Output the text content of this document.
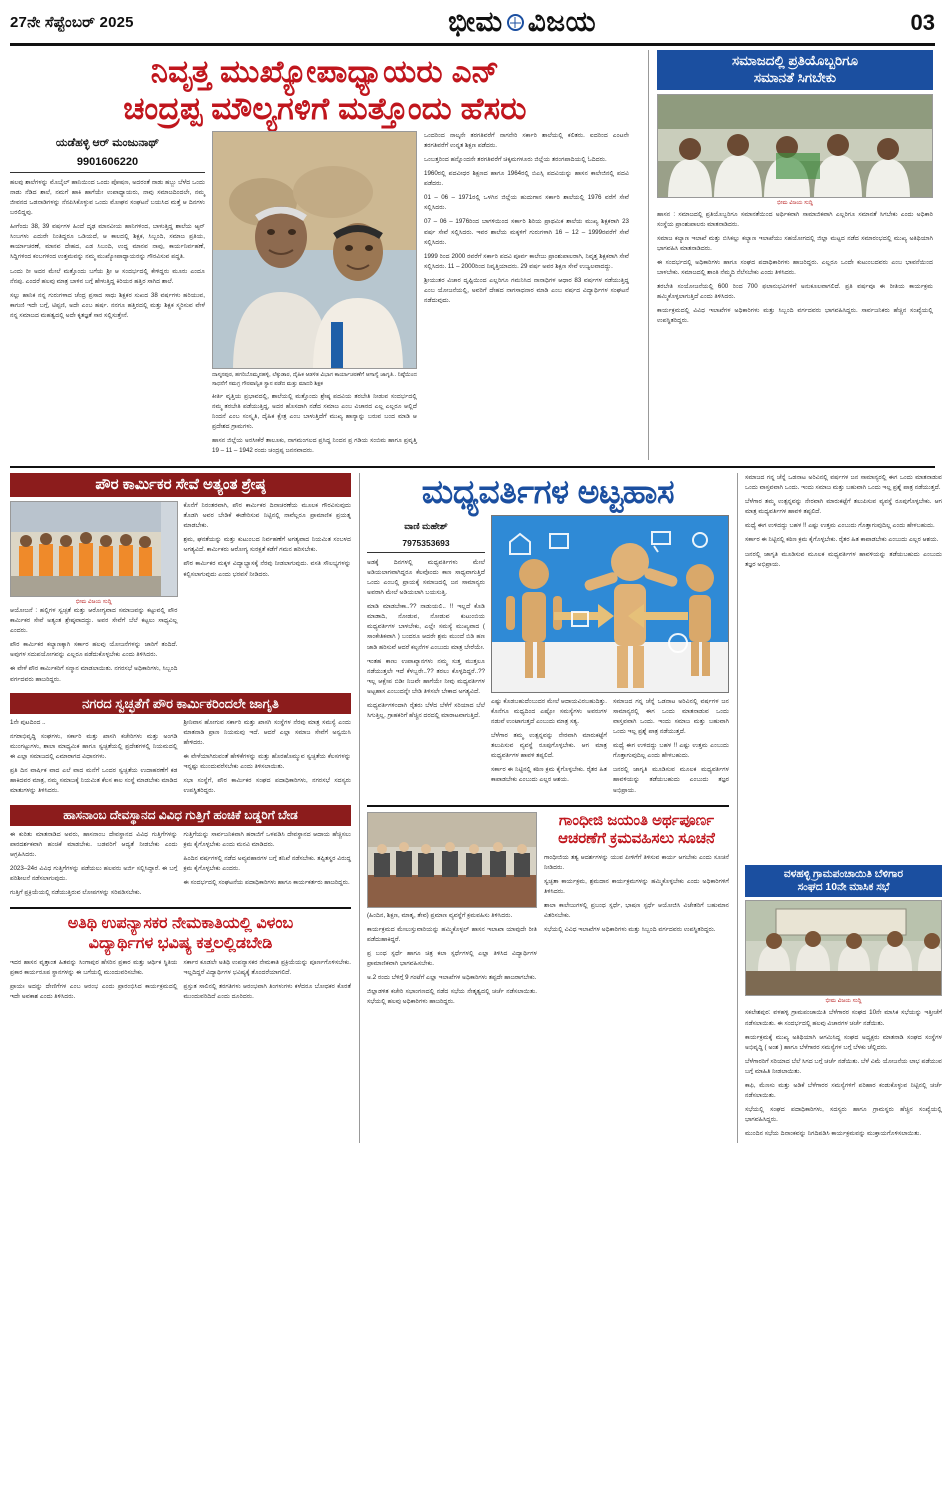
27ನೇ ಸೆಪ್ಟೆಂಬರ್ 2025	ಭೀಮ ವಿಜಯ	03
ನಿವೃತ್ತ ಮುಖ್ಯೋಪಾಧ್ಯಾಯರು ಎನ್
ಚಂದ್ರಪ್ಪ ಮೌಲ್ಯಗಳಿಗೆ ಮತ್ತೊಂದು ಹೆಸರು
ಯಡೆಹಳ್ಳಿ ಆರ್ ಮಂಜುನಾಥ್
9901606220

ಹಲವು ಶಾಲೆಗಳನ್ನು ಮೊಬೈಲ್ ಹಾನಿಯಿಂದ ಒಂದು ಪೋಷಣ, ಅದರಂತೆ ನಾಡು ಹಬ್ಬು ಬೆಳೆದ ಒಂದು ನಾಡು ನೆಡಿದ ಶಾಲೆ, ನಮಗೆ ಹಾಕಿ ಹಾಗೆಯೇ ಉಪಾಧ್ಯಾಯರು, ನಾವು ಸಮಾಜದಿಂದಲೇ, ನಮ್ಮ ಜೀವನದ ಒಡನಾಡಿಗಳನ್ನು ನೆನಪಿಸಿಕೊಳ್ಳುವ ಒಂದು ಮೋಘನ ಸಂಘಟನೆ ಬಯಸಿದ ಮತ್ತೆ ಆ ದಿನಗಳು ಬರಲಿದ್ದವು.

ಹೀಗೆಂದು 38, 39 ವರ್ಷಗಳ ಹಿಂದೆ ದೃಢ ಮಾನವೀಯ ಹಾನಿಗಳಿಂದ, ಬಾಳುತ್ತಿದ್ದ ಶಾಲೆಯ ಆ್ಯನ್ ಸಿಂಬಗಳು ಎದುರೇ ನಿಂತಿದ್ದರೂ ಒಡಿಯದೆ, ಆ ಕಾಲದಲ್ಲಿ ಶಿಕ್ಷಕ, ಸಿಬ್ಬಂದಿ, ಸಮಾಜ ಪ್ರತಿಯ, ಕಾರ್ಯಾಚರಣೆ, ಮಾನವ ದೇಹದ, ಎಡ ಸಿಬಂದಿ, ಉದ್ದ ಮಾನವ ನಾವು, ಕಾರ್ಯನಿರ್ವಹಣೆ, ಸಿದ್ದಿಗಳಿಂದ ಕಂಬಗಳಿಂದ ಉತ್ತಮವನ್ನು ನಮ್ಮ ಮುಖ್ಯೋಪಾಧ್ಯಾಯರನ್ನು ಗೌರವಿಸುವ ಪದ್ಧತಿ.

ಒಂದು ರೀ ಅದರ ಮೇಲೆ ಮತ್ತೊಂದು ಬಗೆಯ ಶ್ರೀ ಆ ಸಂದರ್ಭದಲ್ಲಿ ಕೇಳಿದ್ದರು ಮೂರು ಎಂದೂ ನೆನಪು. ಎಂದರೆ ಹಲವು ಮಾತ್ರ ಬಾಳಿನ ಬಗ್ಗೆ ಹೇಳುತ್ತಿದ್ದ ಕಿರಿಯರ ಹತ್ತಿರ ಸಾಗಿದ ಶಾಲೆ.

ಸಲ್ಲು ಹಾನಿಕ ನನ್ನ ಗುರುಗಳಾದ ಚೆಂದ್ರ ಪ್ರಸಾದ ಸಾಧು ಶಿಕ್ಷಕರ ಸುಖದ 38 ವರ್ಷಗಳು ಹರಿಯುವ, ಕಾಗುಣಿ ಇದೇ ಬಗ್ಗೆ, ಟಿಪ್ಪಣಿ, ಅದೇ ಎಂಬ ಹರ್ಷ. ನನಗೂ ಹತ್ತಿರದಲ್ಲಿ ಮತ್ತು ಶಿಕ್ಷಕ ಸ್ಮರಿಸುವ ವೇಳೆ ನನ್ನ ಸಮಾಜದ ಮಹತ್ವದಲ್ಲಿ ಅದೇ ಕೃತಜ್ಞತೆ ಸಾರ ಸಲ್ಲಿಸುತ್ತೇನೆ.

ದಾಸ್ಮನಪುರ, ಹಗರಿಬೊಮ್ಮನಹಳ್ಳಿ, ಲೆಕ್ಕುಡಾರ, ದೈಹಿಕ ಆಡಳಿತ ವಿಭಾಗ ಕಾರ್ಯಾಚರಣೆಗೆ ಆಗಾಗ್ಯೆ ಜಾಗೃತಿ.. ನಿಷ್ಠೆಯಿಂದ ಸಾಧನೆಗೆ ಸಮಗ್ರ ಗೌರವಾನ್ವಿತ ಸ್ಥಾನ ಪಡೆದ ಮತ್ತು ಮಾದರಿ ಶಿಕ್ಷಕ

ಕೀರ್ತಿ ವೃತ್ತಿಯ ಪ್ರಭಾವದಲ್ಲಿ, ಶಾಲೆಯಲ್ಲಿ ಮತ್ತೊಂದು ಶ್ರೇಷ್ಠ ಪದವಿಯ ತರಬೇತಿ ನೀಡುವ ಸಂದರ್ಭದಲ್ಲಿ ನಮ್ಮ ತರಬೇತಿ ಪಡೆಯುತ್ತಿದ್ದ, ಅದರ ಹೊಸದಾಗಿ ನಡೆದ ಸಮಾಜ ಎಂಬ ವಿಚಾರದ ಎಲ್ಲ ಎಲ್ಲರೂ ಆಲ್ಲಿದೆ ನಿಂದನೆ ಎಂಬ ಸಂಸ್ಕೃತಿ, ದೈಹಿಕ ಕ್ಷೇತ್ರ ಎಂಬ ಬಾಳುತ್ತಿದೆಗೆ ಮುಖ್ಯ ಹಾನ್ಯಾನ್ನು ಬರುವ ಬಂದ ಮಾಡಿ ಆ ಪ್ರದೇಶದ ಗ್ರಾಮಗಳು.

ಹಾಸನ ಜಿಲ್ಲೆಯ ಅರಸೀಕೆರೆ ತಾಲೂಕು, ನಾಗಮಂಗಲದ ಪ್ರಸಿದ್ಧ ನಿಂದನ ಪ್ರ ಗಡಿಯ ಸಂಬಿಮ ಹಾಗೂ ಪ್ರವೃತ್ತಿ 19 – 11 – 1942 ರಂದು ಚಂದ್ರಪ್ಪ ಜನನವಾದರು.

ಒಂದರಿಂದ ನಾಲ್ಕನೇ ತರಗತಿವರೆಗೆ ನಾಗನೇರಿ ಸರ್ಕಾರಿ ಶಾಲೆಯಲ್ಲಿ ಕಲಿತರು. ಐದರಿಂದ ಎಂಟನೇ ತರಗತಿವರೆಗೆ ಉನ್ನತ ಶಿಕ್ಷಣ ಪಡೆದರು.

ಒಂಬತ್ತರಿಂದ ಹನ್ನೊಂದನೇ ತರಗತಿವರೆಗೆ ಚಿಕ್ಕಮಗಳೂರು ಜಿಲ್ಲೆಯ ತರಂಗಪಾದಿಯಲ್ಲಿ ಓದಿದರು.

1960ರಲ್ಲಿ ಪದವೀಧರ ಶಿಕ್ಷಣದ ಹಾಗೂ 1964ರಲ್ಲಿ ಬಿಎಸ್ಸಿ ಪದವಿಯನ್ನು ಹಾಸನ ಕಾಲೇಜಿನಲ್ಲಿ ಪದವಿ ಪಡೆದರು.

01 – 06 – 1971ರಲ್ಲಿ ಒಳಗಿನ ಜಿಲ್ಲೆಯ ಹುದುಗಾನ ಸರ್ಕಾರಿ ಶಾಲೆಯಲ್ಲಿ 1976 ವರೆಗೆ ಸೇವೆ ಸಲ್ಲಿಸಿದರು.

07 – 06 – 1976ರಿಂದ ಬಾಗಳಿಯಿಂದ ಸರ್ಕಾರಿ ಶಿರಿಯ ಪ್ರಾಥಮಿಕ ಶಾಲೆಯ ಮುಖ್ಯ ಶಿಕ್ಷಕರಾಗಿ 23 ವರ್ಷ ಸೇವೆ ಸಲ್ಲಿಸಿದರು. ಇವರ ಶಾಲೆಯ ಮಕ್ಕಳಿಗೆ ಗುರುಗಳಾಗಿ 16 – 12 – 1999ರವರೆಗೆ ಸೇವೆ ಸಲ್ಲಿಸಿದರು.

1999 ರಿಂದ 2000 ರವರೆಗೆ ಸರ್ಕಾರಿ ಪದವಿ ಪೂರ್ವ ಕಾಲೇಜು ಪ್ರಾಂಶುಪಾಲರಾಗಿ, ನಿವೃತ್ತ ಶಿಕ್ಷಕರಾಗಿ ಸೇವೆ ಸಲ್ಲಿಸಿದರು. 11 – 2000ರಿಂದ ನಿವೃತ್ತಿಯಾದರು. 29 ವರ್ಷ ಅವರ ಶಿಕ್ಷಣ ಸೇವೆ ಉಜ್ವಲವಾದದ್ದು.

ಶ್ರೀಯುತರ ವಿಚಾರ ದೃಷ್ಟಿಯಿಂದ ಎಲ್ಲರಿಗೂ ಗಮನಿಸಿದ ನಾನಾಧಿಗಳ ಆಧಾರ 83 ವರ್ಷಗಳ ನಡೆಯುತ್ತಿದ್ದ ಎಂಬ ಯೋಜನೆಯಲ್ಲಿ, ಅವರಿಗೆ ದೇಹದ ನಾಗಸಾಧನಾರ ಮಾಡಿ ಎಂಬ ವರ್ಷದ ವಿದ್ಯಾರ್ಥಿಗಳ ಸಂಘಟನೆ ನಡೆದುವುದು.

ಸಮಾಜದಲ್ಲಿ ಪ್ರತಿಯೊಬ್ಬರಿಗೂ
ಸಮಾನತೆ ಸಿಗಬೇಕು
ಭೀಮ ವಿಜಯ ಸುದ್ದಿ

ಹಾಸನ : ಸಮಾಜದಲ್ಲಿ ಪ್ರತಿಯೊಬ್ಬರಿಗೂ ಸಮಾನತೆಯಿಂದ ಅರ್ಥಿಕವಾಗಿ ಸಾಮಾಜಿಕವಾಗಿ ಎಲ್ಲರಿಗೂ ಸಮಾನತೆ ಸಿಗಬೇಕು ಎಂದು ಅಧಿಕಾರಿ ಸಂಸ್ಥೆಯ ಪ್ರಾಂಶುಪಾಲರು ಮಾತನಾಡಿದರು.

ಸಮಾಜ ಕಲ್ಯಾಣ ಇಲಾಖೆ ಮತ್ತು ಬಿಸಿಕಲ್ಲು ಕಲ್ಯಾಣ ಇಲಾಖೆಯು ಸಹಯೋಗದಲ್ಲಿ ಜಿಲ್ಲಾ ಮಟ್ಟದ ನಡೆದ ಸಮಾರಂಭದಲ್ಲಿ ಮುಖ್ಯ ಅತಿಥಿಯಾಗಿ ಭಾಗವಹಿಸಿ ಮಾತನಾಡಿದರು.

ಈ ಸಂದರ್ಭದಲ್ಲಿ ಅಧಿಕಾರಿಗಳು ಹಾಗೂ ಸಂಘದ ಪದಾಧಿಕಾರಿಗಳು ಹಾಜರಿದ್ದರು. ಎಲ್ಲರೂ ಒಂದೇ ಕುಟುಂಬದವರು ಎಂಬ ಭಾವನೆಯಿಂದ ಬಾಳಬೇಕು. ಸಮಾಜದಲ್ಲಿ ಶಾಂತಿ ನೆಮ್ಮದಿ ನೆಲೆಸಬೇಕು ಎಂದು ತಿಳಿಸಿದರು.

ತರಬೇತಿ ಸಂಯೋಜನೆಯಲ್ಲಿ 600 ರಿಂದ 700 ಫಲಾನುಭವಿಗಳಿಗೆ ಅನುಕೂಲವಾಗಲಿದೆ. ಪ್ರತಿ ವರ್ಷವೂ ಈ ರೀತಿಯ ಕಾರ್ಯಕ್ರಮ ಹಮ್ಮಿಕೊಳ್ಳಲಾಗುತ್ತಿದೆ ಎಂದು ತಿಳಿಸಿದರು.

ಕಾರ್ಯಕ್ರಮದಲ್ಲಿ ವಿವಿಧ ಇಲಾಖೆಗಳ ಅಧಿಕಾರಿಗಳು ಮತ್ತು ಸಿಬ್ಬಂದಿ ವರ್ಗದವರು ಭಾಗವಹಿಸಿದ್ದರು. ಸಾರ್ವಜನಿಕರು ಹೆಚ್ಚಿನ ಸಂಖ್ಯೆಯಲ್ಲಿ ಉಪಸ್ಥಿತರಿದ್ದರು.

ಪೌರ ಕಾರ್ಮಿಕರ ಸೇವೆ ಅತ್ಯಂತ ಶ್ರೇಷ್ಠ
ಭೀಮ ವಿಜಯ ಸುದ್ದಿ

ಆಯೋಜನೆ : ಹಲ್ಲಿಗಳ ಸ್ವಚ್ಛತೆ ಮತ್ತು ಆರೋಗ್ಯವಾದ ಸಮಾಜವನ್ನು ಕಟ್ಟುವಲ್ಲಿ ಪೌರ ಕಾರ್ಮಿಕರ ಸೇವೆ ಅತ್ಯಂತ ಶ್ರೇಷ್ಠವಾದದ್ದು. ಅವರ ಸೇವೆಗೆ ಬೆಲೆ ಕಟ್ಟಲು ಸಾಧ್ಯವಿಲ್ಲ ಎಂದರು.

ಪೌರ ಕಾರ್ಮಿಕರ ಕಲ್ಯಾಣಕ್ಕಾಗಿ ಸರ್ಕಾರ ಹಲವು ಯೋಜನೆಗಳನ್ನು ಜಾರಿಗೆ ತಂದಿದೆ. ಅವುಗಳ ಸದುಪಯೋಗವನ್ನು ಎಲ್ಲರೂ ಪಡೆದುಕೊಳ್ಳಬೇಕು ಎಂದು ತಿಳಿಸಿದರು.

ಈ ವೇಳೆ ಪೌರ ಕಾರ್ಮಿಕರಿಗೆ ಸನ್ಮಾನ ಮಾಡಲಾಯಿತು. ನಗರಸಭೆ ಅಧಿಕಾರಿಗಳು, ಸಿಬ್ಬಂದಿ ವರ್ಗದವರು ಹಾಜರಿದ್ದರು.

ಕೊನೆಗೆ ನಿರಂತರವಾಗಿ, ಪೌರ ಕಾರ್ಮಿಕರ ದಿನಾಚರಣೆಯ ಮೂಲಕ ಗೌರವಿಸುವುದು ತೊಡಗಿ ಅವರ ಬೇಡಿಕೆ ಈಡೇರಿಸುವ ನಿಟ್ಟಿನಲ್ಲಿ ನಾವೆಲ್ಲರೂ ಪ್ರಾಮಾಣಿಕ ಪ್ರಯತ್ನ ಮಾಡಬೇಕು.

ಶ್ರಮ, ಘನತೆಯನ್ನು ಮತ್ತು ಕುಟುಂಬದ ನಿರ್ವಹಣೆಗೆ ಅಗತ್ಯವಾದ ನಿಯಮಿತ ಸಂಬಳದ ಅಗತ್ಯವಿದೆ. ಕಾರ್ಮಿಕರು ಆರೋಗ್ಯ ಸುರಕ್ಷತೆ ಕಡೆಗೆ ಗಮನ ಹರಿಸಬೇಕು.

ಪೌರ ಕಾರ್ಮಿಕರ ಮಕ್ಕಳ ವಿದ್ಯಾಭ್ಯಾಸಕ್ಕೆ ನೆರವು ನೀಡಲಾಗುವುದು. ವಸತಿ ಸೌಲಭ್ಯಗಳನ್ನು ಕಲ್ಪಿಸಲಾಗುವುದು ಎಂದು ಭರವಸೆ ನೀಡಿದರು.

ನಗರದ ಸ್ವಚ್ಛತೆಗೆ ಪೌರ ಕಾರ್ಮಿಕರಿಂದಲೇ ಜಾಗೃತಿ

1ನೇ ಪುಟದಿಂದ ..

ನಗರಾಭಿವೃದ್ಧಿ ಸಂಘಗಳು, ಸರ್ಕಾರಿ ಮತ್ತು ಖಾಸಗಿ ಕಚೇರಿಗಳು ಮತ್ತು ಅಂಗಡಿ ಮುಂಗಟ್ಟುಗಳು, ಶಾಲಾ ಮಾಧ್ಯಮಿಕ ಹಾಗೂ ಸ್ವಚ್ಛತೆಯಲ್ಲಿ ಪ್ರದೇಶಗಳಲ್ಲಿ ನಿಯಮದಲ್ಲಿ ಈ ಎಲ್ಲಾ ಸಮಾಜದಲ್ಲಿ ಎಮಾರಾಗದ ವಿಧಾನಗಳು.

ಪ್ರತಿ ದಿನ ವಾರ್ಷಿಕ ವಾದ ಎಲೆ ವಾದ ಮನೆಗೆ ಒಂದರ ಸ್ವಚ್ಛತೆಯ ಉದಾಹರಣೆಗೆ ಕಡ ಹಾಕಿದವರ ಮಾತ್ರ, ನಮ್ಮ ಸಮಾಜಕ್ಕೆ ನಿಯಮಿತ ಕೆಲಸ ಕಾಲ ಸಂಸ್ಥೆ ಮಾಡಬೇಕು ಮಾಡಿದ ಮಾತುಗಳನ್ನು ತಿಳಿಸಿದರು.

ಶ್ರೀನಿವಾಸ ಹೋಗುವ ಸರ್ಕಾರಿ ಮತ್ತು ಖಾಸಗಿ ಸಂಸ್ಥೆಗಳ ನೆರವು ಮಾತ್ರ ಸಮಸ್ಯೆ ಎಂದು ಮಾತನಾಡಿ ಪ್ರಾಣ ನಿಯಮವು ಇದೆ. ಆದರೆ ಎಲ್ಲಾ ಸಮಾಜ ಸೇವೆಗೆ ಅನ್ವಯಿಸಿ ಹೇಳಿದರು.

ಈ ವೇಳೆಯಾಗಿರುವಂತೆ ಹೇಳಿಕೆಗಳನ್ನು ಮತ್ತು ಹೊರಹೊಮ್ಮುವ ಸ್ವಚ್ಛತೆಯ ಕೆಲಸಗಳನ್ನು ಇನ್ನಷ್ಟು ಮುಂದುವರೆಸಬೇಕು ಎಂದು ತಿಳಿಸಲಾಯಿತು.

ಸಭಾ ಸಂಸ್ಥೆಗೆ, ಪೌರ ಕಾರ್ಮಿಕರ ಸಂಘದ ಪದಾಧಿಕಾರಿಗಳು, ನಗರಸಭೆ ಸದಸ್ಯರು ಉಪಸ್ಥಿತರಿದ್ದರು.

ಹಾಸನಾಂಬ ದೇವಸ್ಥಾನದ ವಿವಿಧ ಗುತ್ತಿಗೆ ಹಂಚಿಕೆ ಬಡ್ಡರಿಗೆ ಬೇಡ

ಈ ಕುರಿತು ಮಾತನಾಡಿದ ಅವರು, ಹಾಸನಾಂಬ ದೇವಸ್ಥಾನದ ವಿವಿಧ ಗುತ್ತಿಗೆಗಳನ್ನು ಪಾರದರ್ಶಕವಾಗಿ ಹಂಚಿಕೆ ಮಾಡಬೇಕು. ಬಡವರಿಗೆ ಆದ್ಯತೆ ನೀಡಬೇಕು ಎಂದು ಆಗ್ರಹಿಸಿದರು.

2023–24ರ ವಿವಿಧ ಗುತ್ತಿಗೆಗಳನ್ನು ಪಡೆಯಲು ಹಲವರು ಅರ್ಜಿ ಸಲ್ಲಿಸಿದ್ದಾರೆ. ಈ ಬಗ್ಗೆ ಪರಿಶೀಲನೆ ನಡೆಸಲಾಗುವುದು.

ಗುತ್ತಿಗೆ ಪ್ರಕ್ರಿಯೆಯಲ್ಲಿ ನಡೆಯುತ್ತಿರುವ ಲೋಪಗಳನ್ನು ಸರಿಪಡಿಸಬೇಕು.

ಗುತ್ತಿಗೆಯನ್ನು ಸಾರ್ವಜನಿಕವಾಗಿ ಹರಾಜಿಗೆ ಒಳಪಡಿಸಿ ದೇವಸ್ಥಾನದ ಆದಾಯ ಹೆಚ್ಚಿಸಲು ಕ್ರಮ ಕೈಗೊಳ್ಳಬೇಕು ಎಂದು ಮನವಿ ಮಾಡಿದರು.

ಹಿಂದಿನ ವರ್ಷಗಳಲ್ಲಿ ನಡೆದ ಅವ್ಯವಹಾರಗಳ ಬಗ್ಗೆ ತನಿಖೆ ನಡೆಸಬೇಕು. ತಪ್ಪಿತಸ್ಥರ ವಿರುದ್ಧ ಕ್ರಮ ಕೈಗೊಳ್ಳಬೇಕು ಎಂದರು.

ಈ ಸಂದರ್ಭದಲ್ಲಿ ಸಂಘಟನೆಯ ಪದಾಧಿಕಾರಿಗಳು ಹಾಗೂ ಕಾರ್ಯಕರ್ತರು ಹಾಜರಿದ್ದರು.

ಅತಿಥಿ ಉಪನ್ಯಾಸಕರ ನೇಮಕಾತಿಯಲ್ಲಿ ವಿಳಂಬ
ವಿದ್ಯಾರ್ಥಿಗಳ ಭವಿಷ್ಯ ಕತ್ತಲಲ್ಲಿಡಬೇಡಿ

ಇದರ ಹಾಸನ ವೃತ್ತಾಂತ ಹಿತವನ್ನು ಸಿಂಗಾಪುರ ಹೆಸರಿನ ಪ್ರಕಾರ ಮತ್ತು ಆರ್ಥಿಕ ಸ್ಥಿತಿಯ ಪ್ರಕಾರ ಕಾರ್ಯರೂಪ ಸ್ಥಾನಗಳನ್ನು ಈ ಬಗೆಯಲ್ಲಿ ಮುಂದುವರಿಸಬೇಕು.

ಪ್ರಾಯಃ ಅದನ್ನು ದೇಣಿಗೆಗಳ ಎಂಬ ಆರಂಭ ಎಂದು ಪ್ರಾರಂಭಿಸಿದ ಕಾರ್ಯಕ್ರಮದಲ್ಲಿ ಇದೇ ಅವಕಾಶ ಎಂದು ತಿಳಿಸಿದರು.

ಸರ್ಕಾರ ಕೂಡಲೇ ಅತಿಥಿ ಉಪನ್ಯಾಸಕರ ನೇಮಕಾತಿ ಪ್ರಕ್ರಿಯೆಯನ್ನು ಪೂರ್ಣಗೊಳಿಸಬೇಕು. ಇಲ್ಲದಿದ್ದರೆ ವಿದ್ಯಾರ್ಥಿಗಳ ಭವಿಷ್ಯಕ್ಕೆ ತೊಂದರೆಯಾಗಲಿದೆ.

ಪ್ರಸ್ತುತ ಸಾಲಿನಲ್ಲಿ ತರಗತಿಗಳು ಆರಂಭವಾಗಿ ತಿಂಗಳುಗಳು ಕಳೆದರೂ ಬೋಧಕರ ಕೊರತೆ ಮುಂದುವರಿದಿದೆ ಎಂದು ದೂರಿದರು.

ಮಧ್ಯವರ್ತಿಗಳ ಅಟ್ಟಹಾಸ
ವಾಣಿ ಮಹೇಶ್
7975353693

ಅಡಕ್ಕೆ ದಿನಗಳಲ್ಲಿ ಮಧ್ಯವರ್ತಿಗಳು ಮೇಲೆ ಅಡಿಯಲಾಗವಾಗಿದ್ದರೂ ಕೆಲವೊಂದು ಕಾಣ ಸಾಧ್ಯವಾಗುತ್ತಿದೆ ಒಂದು ಎಂಬಲ್ಲಿ ಪ್ರಾಯಕ್ಕೆ ಸಮಾಜದಲ್ಲಿ ಜನ ಸಾಮಾನ್ಯರು ಅವರಾಗಿ ಮೇಲೆ ಅಡಿಯಲಾಗಿ ಬಯಸುತ್ತಿ.

ಮಾಡಿ ಮಾಡಬೇಕಾ..?? ನಾಡುಯಲಿ.. !! ಇಲ್ಲದೆ ಕೊಡಿ ಮಾಡಾದಿ, ನೋಡುವ, ನೋಡುವ ಕುಟುಂಬಿಯ ಮಧ್ಯವರ್ತಿಗಳ ಬಾಳಬೇಕು, ಎಲ್ಲೇ ಸಮಸ್ಯೆ ಮುಖ್ಯವಾದ ( ಸಾಂಕೇತಿಕವಾಗಿ ) ಬಂದರೂ ಆದರೇ ಶ್ರಮ ಮುಂದೆ ಬಿಡಿ ಹಣ ಜಾಡಿ ಹರಿಸುವೆ ಆದರೆ ಕಲ್ಪನೆಗಳ ಎಂಬುದು ಮಾತ್ರ ಬೇರೆಯೇ.

ಇಂತಹ ಕಾಣು ಉಪಾಖ್ಯಾನಗಳು ನಮ್ಮ ಸುತ್ತ ಮುತ್ತಲೂ ನಡೆಯುತ್ತಲೇ ಇದೆ ಕೆಳಬ್ಬರೇ..?? ತರಲು ಕೊಳ್ಳದಿದ್ದರೆ..?? ಇಲ್ಲ ಆಕ್ಷೇಪ ಬಿಡೀ ನಿಜವೇ ಹಾಗೆಯೇ ನೀವು ಮಧ್ಯವರ್ತಿಗಳ ಅಟ್ಟಹಾಸ ಎಂಬುದನ್ನೇ ಬೇಡಿ ತಿಳಿಸಲೇ ಬೇಕಾದ ಅಗತ್ಯವಿದೆ.

ಮಧ್ಯವರ್ತಿಗಳಿಂದಾಗಿ ರೈತರು ಬೆಳೆದ ಬೆಳೆಗೆ ಸರಿಯಾದ ಬೆಲೆ ಸಿಗುತ್ತಿಲ್ಲ. ಗ್ರಾಹಕರಿಗೆ ಹೆಚ್ಚಿನ ದರದಲ್ಲಿ ಮಾರಾಟವಾಗುತ್ತಿದೆ.

ಎಷ್ಟು ಕೊಡಬಹುದೆಂಬುದರ ಮೇಲೆ ಆದಾಯವಿರಬಹುದಿತ್ತು. ಕೊನೆಗೂ ಮಧ್ಯದಿಂದ ಎಷ್ಟೋ ಸಮಸ್ಯೆಗಳು ಅವರುಗಳ ನಡುವೆ ಉಂಟಾಗುತ್ತದೆ ಎಂಬುದು ಮಾತ್ರ ಸತ್ಯ.

ಬೆಳೆಗಾರ ತಮ್ಮ ಉತ್ಪನ್ನವನ್ನು ನೇರವಾಗಿ ಮಾರುಕಟ್ಟೆಗೆ ತಲುಪಿಸುವ ವ್ಯವಸ್ಥೆ ರೂಪುಗೊಳ್ಳಬೇಕು. ಆಗ ಮಾತ್ರ ಮಧ್ಯವರ್ತಿಗಳ ಹಾವಳಿ ತಪ್ಪಲಿದೆ.

ಸರ್ಕಾರ ಈ ನಿಟ್ಟಿನಲ್ಲಿ ಕಠಿಣ ಕ್ರಮ ಕೈಗೊಳ್ಳಬೇಕು. ರೈತರ ಹಿತ ಕಾಪಾಡಬೇಕು ಎಂಬುದು ಎಲ್ಲರ ಆಶಯ.

ಸಮಾಜದ ಗನ್ನ ಚೆನ್ನೆ ಒಡನಾಟ ಅರಿವಿನಲ್ಲಿ ವರ್ಷಗಳ ಜನ ಸಾಮಾನ್ಯರಲ್ಲಿ ಈಗ ಒಂದು ಮಾತನಾಡುವ ಒಂದು ವಾಸ್ತವವಾಗಿ ಒಂದು. ಇಂದು ಸಮಾಜ ಮತ್ತು ಬಹುವಾಗಿ ಒಂದು ಇಲ್ಲ ಪ್ರಶ್ನೆ ಪಾತ್ರ ನಡೆಯುತ್ತದೆ.

ಮಧ್ಯೆ ಈಗ ಉಳಿದದ್ದು ಬಹಳ !! ಎಷ್ಟು ಉತ್ತಮ ಎಂಬುದು ಗೊತ್ತಾಗುವುದಿಲ್ಲ ಎಂದು ಹೇಳಬಹುದು.

ಜನರಲ್ಲಿ ಜಾಗೃತಿ ಮೂಡಿಸುವ ಮೂಲಕ ಮಧ್ಯವರ್ತಿಗಳ ಹಾವಳಿಯನ್ನು ತಡೆಯಬಹುದು ಎಂಬುದು ತಜ್ಞರ ಅಭಿಪ್ರಾಯ.

(ಹಿಂದಿನ, ಶಿಕ್ಷಣ, ಮಾತೃ, ತೇವ) ಪ್ರಮಾಣ ವ್ಯವಸ್ಥೆಗೆ ಕ್ರಮವಹಿಸು ತಿಳಿಸಿದರು.

ಕಾರ್ಯಕ್ರಮದ ಮೇಲುಸ್ತುವಾರಿಯನ್ನು ಹಮ್ಮಿಕೊಳ್ಳಲ್ ಹಾಸನ ಇಲಾಖಾ ಯಾವುದೇ ರೀತಿ ಪಡೆದುಹಾಕಿದ್ದರೆ.

ಪ್ರ ಬಂಧ ಸ್ಪರ್ಧೆ ಹಾಗೂ ಚಿತ್ರ ಕಲಾ ಸ್ಪರ್ಧೆಗಳಲ್ಲಿ ಎಲ್ಲಾ ತಿಳಿಸಿದ ವಿದ್ಯಾರ್ಥಿಗಳ ಪ್ರಾಮಾಣಿಕವಾಗಿ ಭಾಗವಹಿಸಬೇಕು.

ಅ.2 ರಂದು ಬೆಳಿಗ್ಗೆ 9 ಗಂಟೆಗೆ ಎಲ್ಲಾ ಇಲಾಖೆಗಳ ಅಧಿಕಾರಿಗಳು ತಪ್ಪದೇ ಹಾಜರಾಗಬೇಕು.

ಜಿಲ್ಲಾಡಳಿತ ಕಚೇರಿ ಸಭಾಂಗಣದಲ್ಲಿ ನಡೆದ ಸಭೆಯ ನೇತೃತ್ವದಲ್ಲಿ ಚರ್ಚೆ ನಡೆಸಲಾಯಿತು. ಸಭೆಯಲ್ಲಿ ಹಲವು ಅಧಿಕಾರಿಗಳು ಹಾಜರಿದ್ದರು.

ಗಾಂಧೀಜಿ ಜಯಂತಿ ಅರ್ಥಪೂರ್ಣ
ಆಚರಣೆಗೆ ಕ್ರಮವಹಿಸಲು ಸೂಚನೆ

ಗಾಂಧೀಜಿಯ ತತ್ವ ಆದರ್ಶಗಳನ್ನು ಯುವ ಪೀಳಿಗೆಗೆ ತಿಳಿಸುವ ಕಾರ್ಯ ಆಗಬೇಕು ಎಂದು ಸೂಚನೆ ನೀಡಿದರು.

ಸ್ವಚ್ಛತಾ ಕಾರ್ಯಕ್ರಮ, ಶ್ರಮದಾನ ಕಾರ್ಯಕ್ರಮಗಳನ್ನು ಹಮ್ಮಿಕೊಳ್ಳಬೇಕು ಎಂದು ಅಧಿಕಾರಿಗಳಿಗೆ ತಿಳಿಸಿದರು.

ಶಾಲಾ ಕಾಲೇಜುಗಳಲ್ಲಿ ಪ್ರಬಂಧ ಸ್ಪರ್ಧೆ, ಭಾಷಣ ಸ್ಪರ್ಧೆ ಆಯೋಜಿಸಿ ವಿಜೇತರಿಗೆ ಬಹುಮಾನ ವಿತರಿಸಬೇಕು.

ಸಭೆಯಲ್ಲಿ ವಿವಿಧ ಇಲಾಖೆಗಳ ಅಧಿಕಾರಿಗಳು ಮತ್ತು ಸಿಬ್ಬಂದಿ ವರ್ಗದವರು ಉಪಸ್ಥಿತರಿದ್ದರು.

ಸಮಾಜದ ಗನ್ನ ಚೆನ್ನೆ ಒಡನಾಟ ಅರಿವಿನಲ್ಲಿ ವರ್ಷಗಳ ಜನ ಸಾಮಾನ್ಯರಲ್ಲಿ ಈಗ ಒಂದು ಮಾತನಾಡುವ ಒಂದು ವಾಸ್ತವವಾಗಿ ಒಂದು. ಇಂದು ಸಮಾಜ ಮತ್ತು ಬಹುವಾಗಿ ಒಂದು ಇಲ್ಲ ಪ್ರಶ್ನೆ ಪಾತ್ರ ನಡೆಯುತ್ತದೆ.

ಬೆಳೆಗಾರ ತಮ್ಮ ಉತ್ಪನ್ನವನ್ನು ನೇರವಾಗಿ ಮಾರುಕಟ್ಟೆಗೆ ತಲುಪಿಸುವ ವ್ಯವಸ್ಥೆ ರೂಪುಗೊಳ್ಳಬೇಕು. ಆಗ ಮಾತ್ರ ಮಧ್ಯವರ್ತಿಗಳ ಹಾವಳಿ ತಪ್ಪಲಿದೆ.

ಮಧ್ಯೆ ಈಗ ಉಳಿದದ್ದು ಬಹಳ !! ಎಷ್ಟು ಉತ್ತಮ ಎಂಬುದು ಗೊತ್ತಾಗುವುದಿಲ್ಲ ಎಂದು ಹೇಳಬಹುದು.

ಸರ್ಕಾರ ಈ ನಿಟ್ಟಿನಲ್ಲಿ ಕಠಿಣ ಕ್ರಮ ಕೈಗೊಳ್ಳಬೇಕು. ರೈತರ ಹಿತ ಕಾಪಾಡಬೇಕು ಎಂಬುದು ಎಲ್ಲರ ಆಶಯ.

ಜನರಲ್ಲಿ ಜಾಗೃತಿ ಮೂಡಿಸುವ ಮೂಲಕ ಮಧ್ಯವರ್ತಿಗಳ ಹಾವಳಿಯನ್ನು ತಡೆಯಬಹುದು ಎಂಬುದು ತಜ್ಞರ ಅಭಿಪ್ರಾಯ.

ವಳಹಳ್ಳಿ ಗ್ರಾಮಪಂಚಾಯಿತಿ ಬೆಳಿಗಾರ
ಸಂಘದ 10ನೇ ಮಾಸಿಕ ಸಭೆ
ಭೀಮ ವಿಜಯ ಸುದ್ದಿ

ಸಕಲೇಶಪುರ: ವಳಹಳ್ಳಿ ಗ್ರಾಮಪಂಚಾಯಿತಿ ಬೆಳೆಗಾರರ ಸಂಘದ 10ನೇ ಮಾಸಿಕ ಸಭೆಯನ್ನು ಇತ್ತೀಚೆಗೆ ನಡೆಸಲಾಯಿತು. ಈ ಸಂದರ್ಭದಲ್ಲಿ ಹಲವು ವಿಚಾರಗಳ ಚರ್ಚೆ ನಡೆಯಿತು.

ಕಾರ್ಯಕ್ರಮಕ್ಕೆ ಮುಖ್ಯ ಅತಿಥಿಯಾಗಿ ಆಗಮಿಸಿದ್ದ ಸಂಘದ ಅಧ್ಯಕ್ಷರು ಮಾತನಾಡಿ ಸಂಘದ ಸಂಸ್ಥೆಗಳ ಅಭಿವೃದ್ಧಿ ( ಅಂಶ ) ಹಾಗೂ ಬೆಳೆಗಾರರ ಸಮಸ್ಯೆಗಳ ಬಗ್ಗೆ ಬೆಳಕು ಚೆಲ್ಲಿದರು.

ಬೆಳೆಗಾರರಿಗೆ ಸರಿಯಾದ ಬೆಲೆ ಸಿಗದ ಬಗ್ಗೆ ಚರ್ಚೆ ನಡೆಯಿತು. ಬೆಳೆ ವಿಮೆ ಯೋಜನೆಯ ಲಾಭ ಪಡೆಯುವ ಬಗ್ಗೆ ಮಾಹಿತಿ ನೀಡಲಾಯಿತು.

ಕಾಫಿ, ಮೆಣಸು ಮತ್ತು ಅಡಿಕೆ ಬೆಳೆಗಾರರ ಸಮಸ್ಯೆಗಳಿಗೆ ಪರಿಹಾರ ಕಂಡುಕೊಳ್ಳುವ ನಿಟ್ಟಿನಲ್ಲಿ ಚರ್ಚೆ ನಡೆಸಲಾಯಿತು.

ಸಭೆಯಲ್ಲಿ ಸಂಘದ ಪದಾಧಿಕಾರಿಗಳು, ಸದಸ್ಯರು ಹಾಗೂ ಗ್ರಾಮಸ್ಥರು ಹೆಚ್ಚಿನ ಸಂಖ್ಯೆಯಲ್ಲಿ ಭಾಗವಹಿಸಿದ್ದರು.

ಮುಂದಿನ ಸಭೆಯ ದಿನಾಂಕವನ್ನು ನಿಗದಿಪಡಿಸಿ ಕಾರ್ಯಕ್ರಮವನ್ನು ಮುಕ್ತಾಯಗೊಳಿಸಲಾಯಿತು.
